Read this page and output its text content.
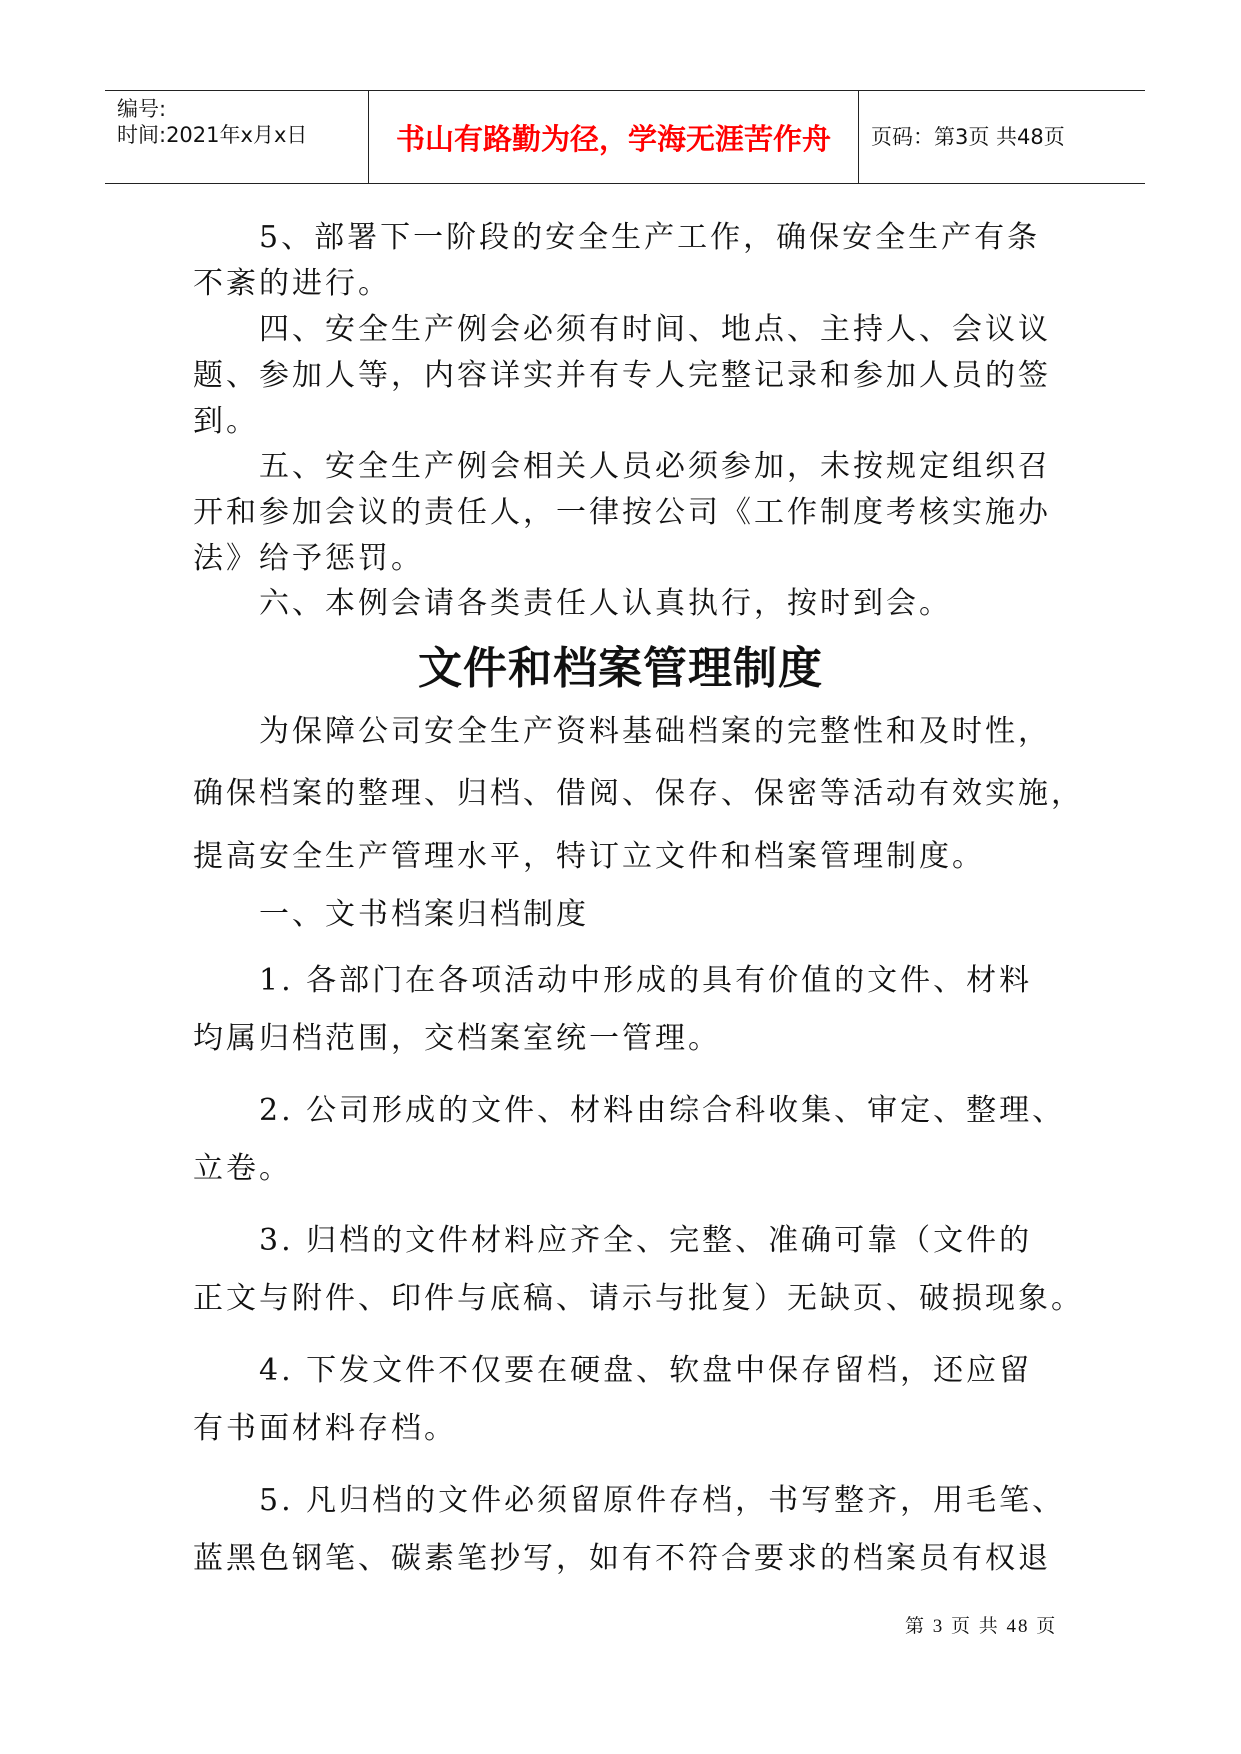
编号:
时间:2021年x月x日	书山有路勤为径，学海无涯苦作舟	页码：第3页 共48页
5、部署下一阶段的安全生产工作，确保安全生产有条
不紊的进行。
四、安全生产例会必须有时间、地点、主持人、会议议
题、参加人等，内容详实并有专人完整记录和参加人员的签
到。
五、安全生产例会相关人员必须参加，未按规定组织召
开和参加会议的责任人，一律按公司《工作制度考核实施办
法》给予惩罚。
六、本例会请各类责任人认真执行，按时到会。
文件和档案管理制度
为保障公司安全生产资料基础档案的完整性和及时性，
确保档案的整理、归档、借阅、保存、保密等活动有效实施，
提高安全生产管理水平，特订立文件和档案管理制度。
一、文书档案归档制度
1. 各部门在各项活动中形成的具有价值的文件、材料
均属归档范围，交档案室统一管理。
2. 公司形成的文件、材料由综合科收集、审定、整理、
立卷。
3. 归档的文件材料应齐全、完整、准确可靠（文件的
正文与附件、印件与底稿、请示与批复）无缺页、破损现象。
4. 下发文件不仅要在硬盘、软盘中保存留档，还应留
有书面材料存档。
5. 凡归档的文件必须留原件存档，书写整齐，用毛笔、
蓝黑色钢笔、碳素笔抄写，如有不符合要求的档案员有权退
第 3 页 共 48 页
